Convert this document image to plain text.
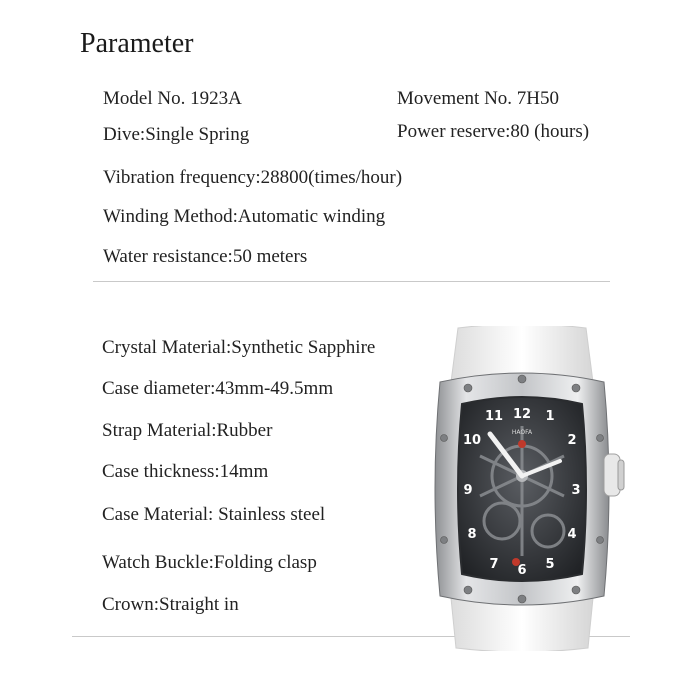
Parameter
Model No. 1923A	Movement No. 7H50
Dive:Single Spring	Power reserve:80 (hours)
Vibration frequency:28800(times/hour)
Winding Method:Automatic winding
Water resistance:50 meters
Crystal Material:Synthetic Sapphire
Case diameter:43mm-49.5mm
Strap Material:Rubber
Case thickness:14mm
Case Material: Stainless steel
Watch Buckle:Folding clasp
Crown:Straight in
12 1
2
3
4
5
6
7
8
9
10
11
HAOFA
